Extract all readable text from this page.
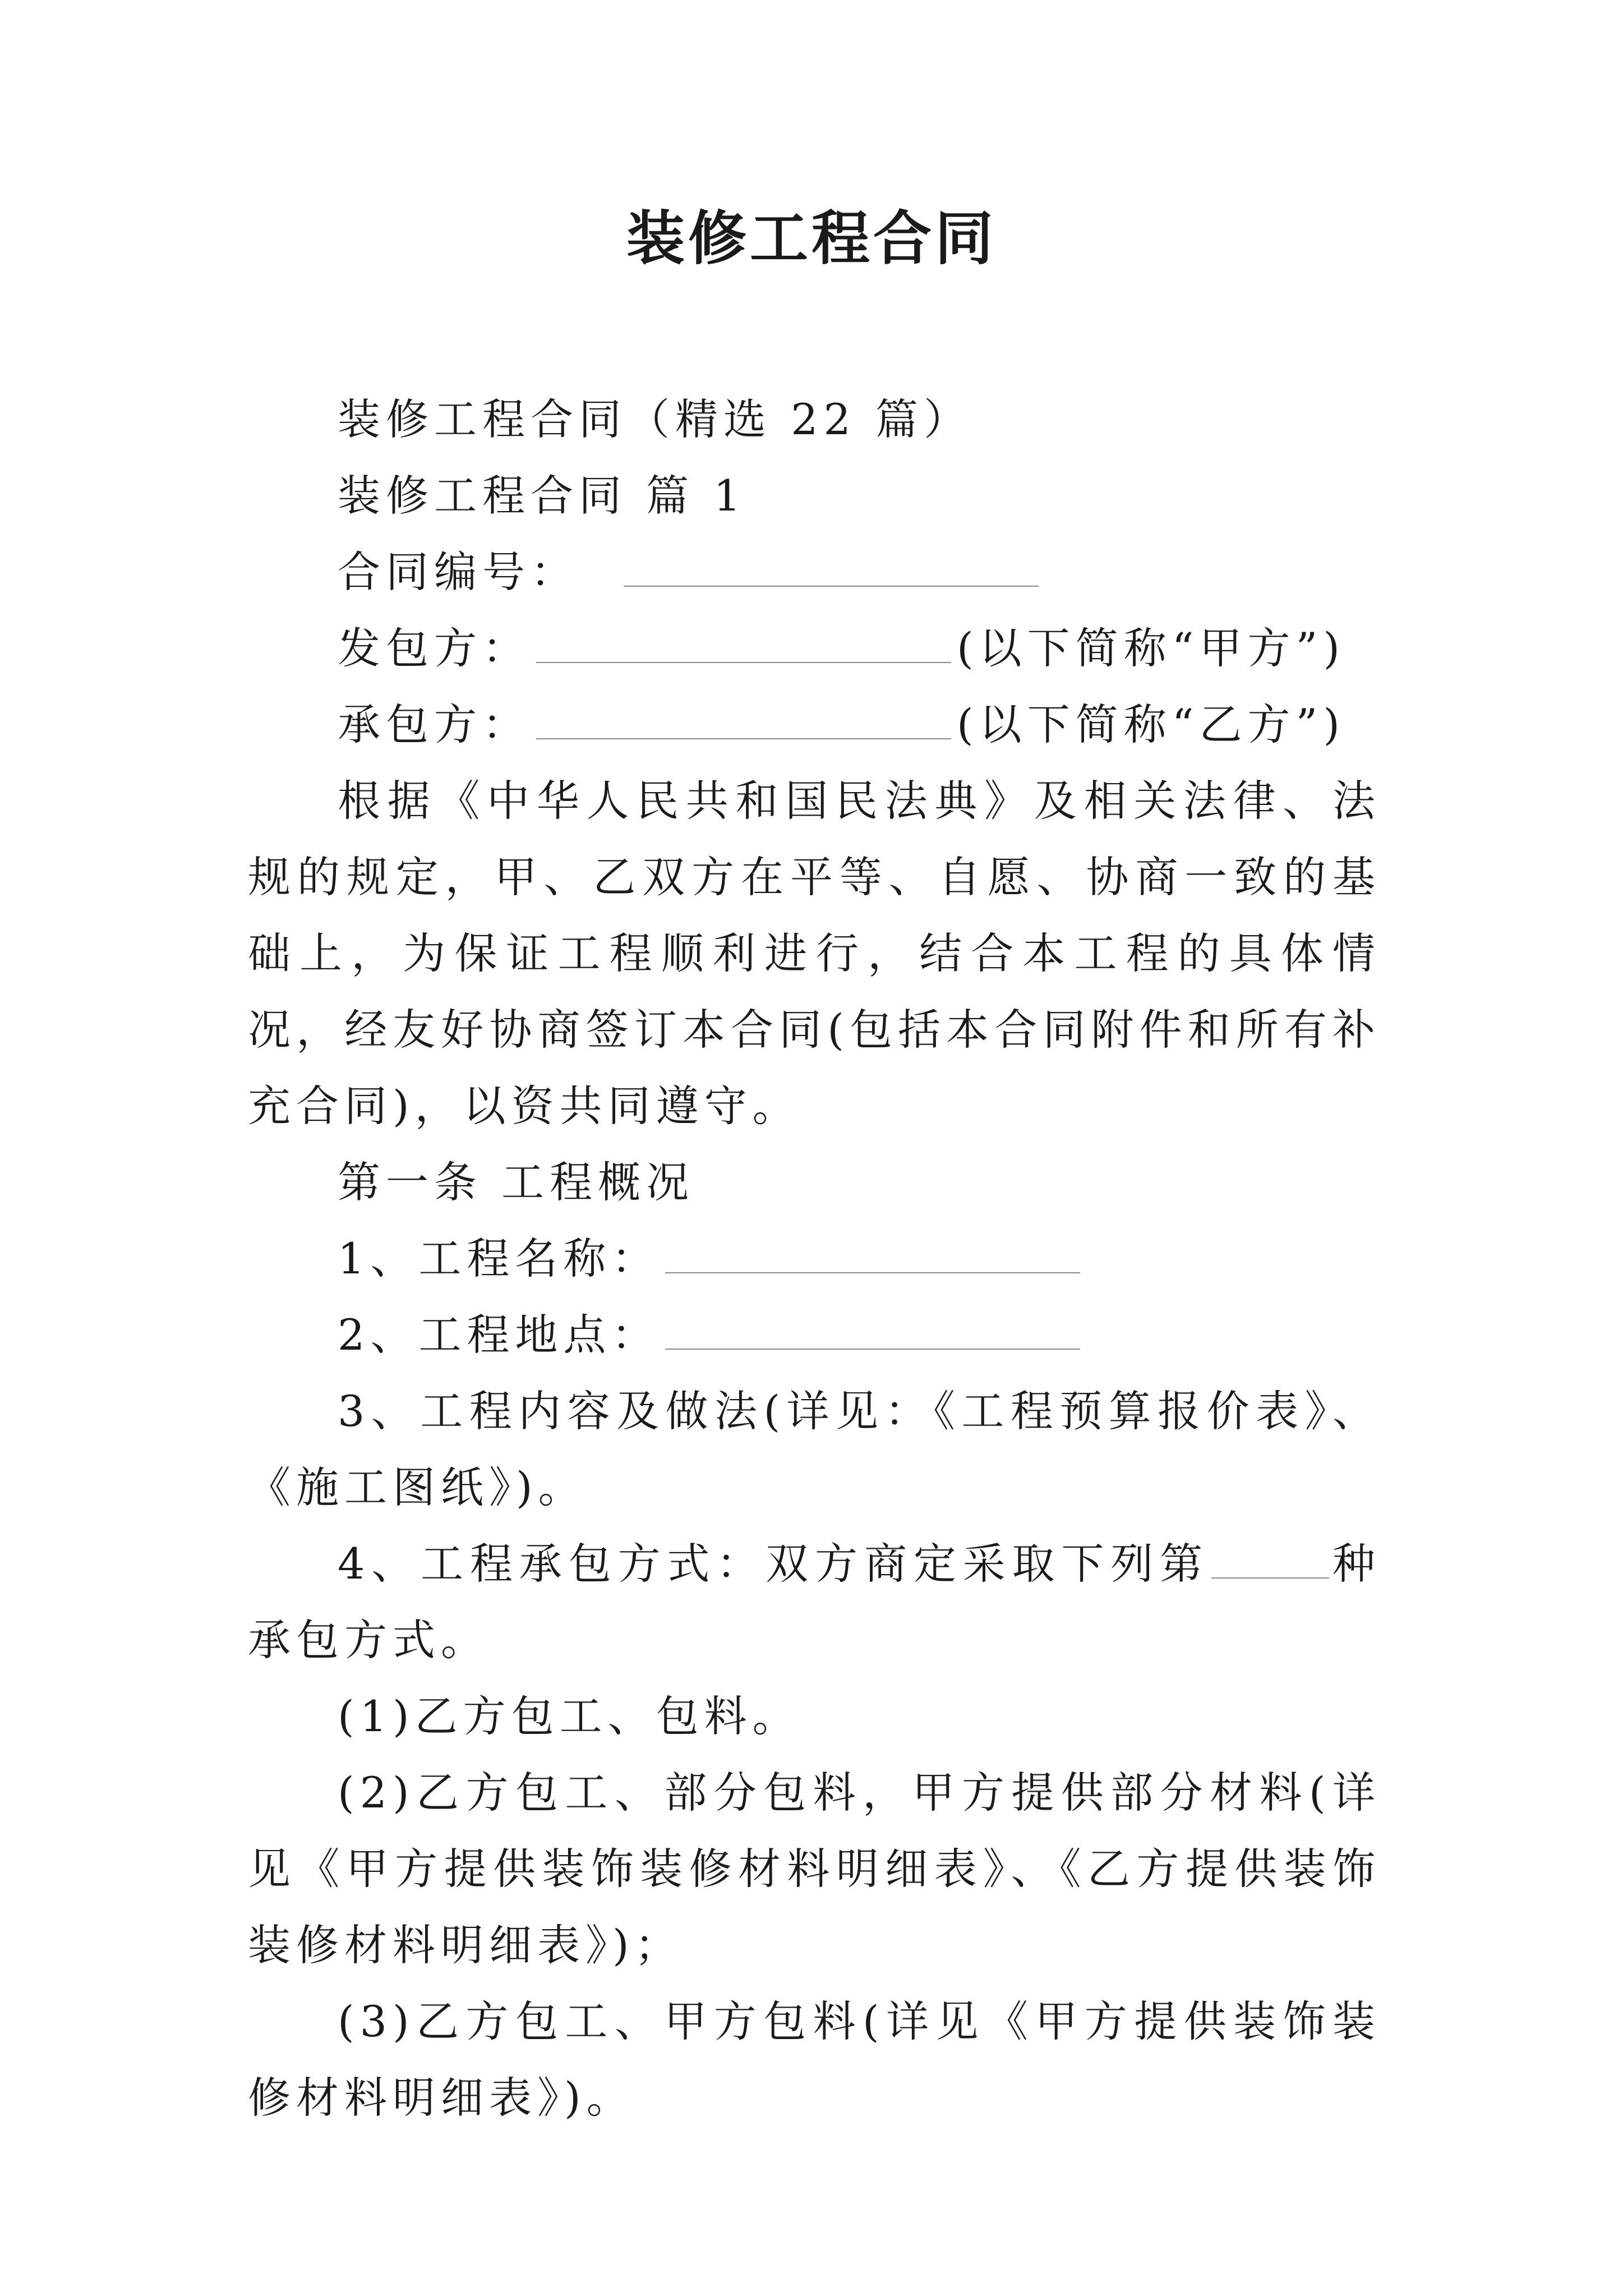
装修工程合同

装修工程合同（精选 22 篇）

装修工程合同 篇 1

合同编号：

发包方：	(以下简称“甲方”)

承包方：	(以下简称“乙方”)

根据《中华人民共和国民法典》及相关法律、法规的规定，甲、乙双方在平等、自愿、协商一致的基础上，为保证工程顺利进行，结合本工程的具体情况，经友好协商签订本合同(包括本合同附件和所有补充合同)，以资共同遵守。

第一条 工程概况

1、工程名称：

2、工程地点：

3、工程内容及做法(详见：《工程预算报价表》、《施工图纸》)。

4、工程承包方式：双方商定采取下列第	种承包方式。

(1)乙方包工、包料。

(2)乙方包工、部分包料，甲方提供部分材料(详见《甲方提供装饰装修材料明细表》、《乙方提供装饰装修材料明细表》)；

(3)乙方包工、甲方包料(详见《甲方提供装饰装修材料明细表》)。
